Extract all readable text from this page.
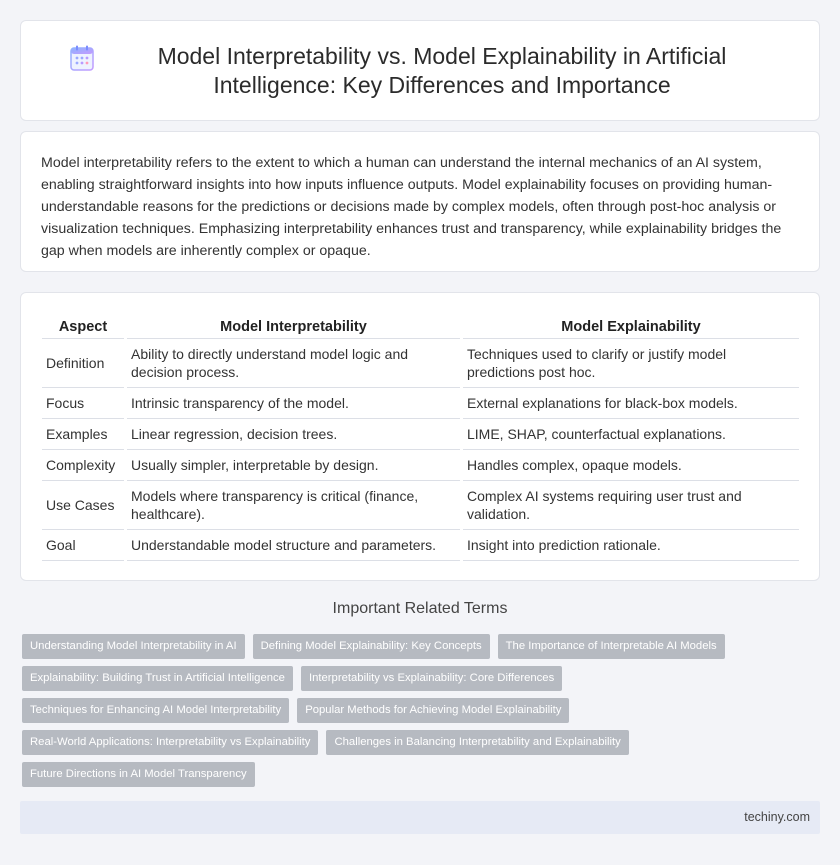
Model Interpretability vs. Model Explainability in Artificial Intelligence: Key Differences and Importance

Model interpretability refers to the extent to which a human can understand the internal mechanics of an AI system, enabling straightforward insights into how inputs influence outputs. Model explainability focuses on providing human-understandable reasons for the predictions or decisions made by complex models, often through post-hoc analysis or visualization techniques. Emphasizing interpretability enhances trust and transparency, while explainability bridges the gap when models are inherently complex or opaque.

Aspect	Model Interpretability	Model Explainability
Definition	Ability to directly understand model logic and decision process.	Techniques used to clarify or justify model predictions post hoc.
Focus	Intrinsic transparency of the model.	External explanations for black-box models.
Examples	Linear regression, decision trees.	LIME, SHAP, counterfactual explanations.
Complexity	Usually simpler, interpretable by design.	Handles complex, opaque models.
Use Cases	Models where transparency is critical (finance, healthcare).	Complex AI systems requiring user trust and validation.
Goal	Understandable model structure and parameters.	Insight into prediction rationale.
Important Related Terms
Understanding Model Interpretability in AI	Defining Model Explainability: Key Concepts	The Importance of Interpretable AI Models
Explainability: Building Trust in Artificial Intelligence	Interpretability vs Explainability: Core Differences
Techniques for Enhancing AI Model Interpretability	Popular Methods for Achieving Model Explainability
Real-World Applications: Interpretability vs Explainability	Challenges in Balancing Interpretability and Explainability
Future Directions in AI Model Transparency
techiny.com
